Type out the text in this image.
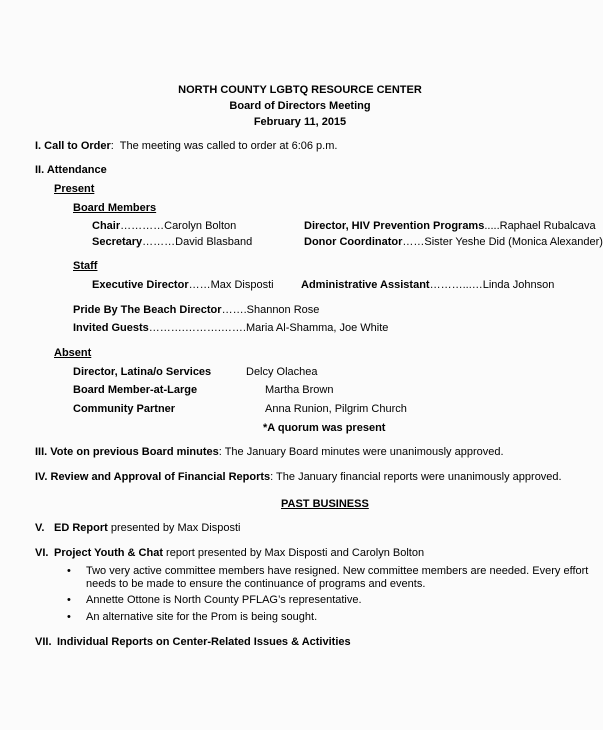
NORTH COUNTY LGBTQ RESOURCE CENTER
Board of Directors Meeting
February 11, 2015
I. Call to Order:  The meeting was called to order at 6:06 p.m.
II. Attendance
Present
Board Members
Chair…………Carolyn Bolton	Director, HIV Prevention Programs.....Raphael Rubalcava
Secretary………David Blasband	Donor Coordinator……Sister Yeshe Did (Monica Alexander)
Staff
Executive Director……Max Disposti Administrative Assistant………...…Linda Johnson
Pride By The Beach Director…….Shannon Rose
Invited Guests……….……….…….Maria Al-Shamma, Joe White
Absent
Director, Latina/o Services	Delcy Olachea
Board Member-at-Large	Martha Brown
Community Partner	Anna Runion, Pilgrim Church
*A quorum was present
III. Vote on previous Board minutes: The January Board minutes were unanimously approved.
IV. Review and Approval of Financial Reports: The January financial reports were unanimously approved.
PAST BUSINESS
V. ED Report presented by Max Disposti
VI. Project Youth & Chat report presented by Max Disposti and Carolyn Bolton
• Two very active committee members have resigned. New committee members are needed. Every effort
needs to be made to ensure the continuance of programs and events.
• Annette Ottone is North County PFLAG’s representative.
• An alternative site for the Prom is being sought.
VII. Individual Reports on Center-Related Issues & Activities
